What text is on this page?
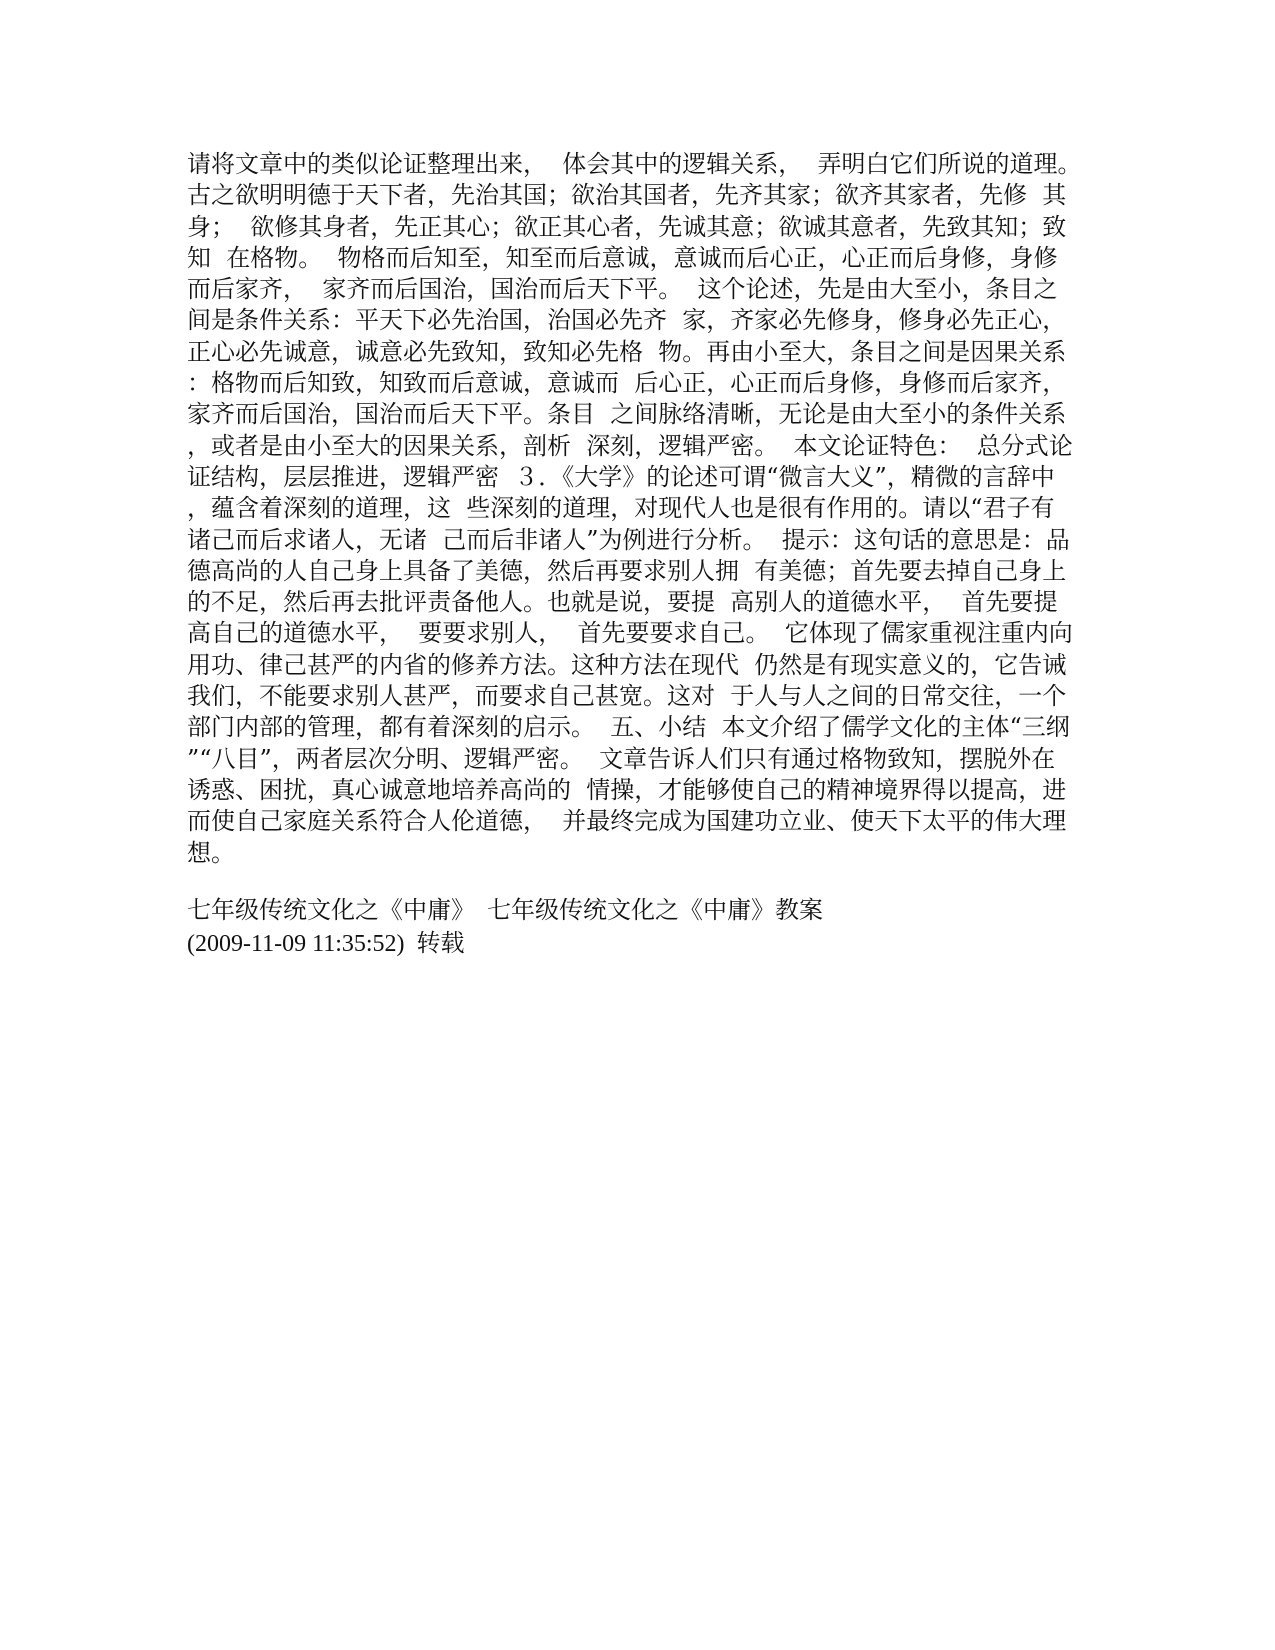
请将文章中的类似论证整理出来，  体会其中的逻辑关系，  弄明白它们所说的道理。
古之欲明明德于天下者，先治其国；欲治其国者，先齐其家；欲齐其家者，先修  其
身；  欲修其身者，先正其心；欲正其心者，先诚其意；欲诚其意者，先致其知；致
知  在格物。  物格而后知至，知至而后意诚，意诚而后心正，心正而后身修，身修
而后家齐，  家齐而后国治，国治而后天下平。  这个论述，先是由大至小，条目之
间是条件关系：平天下必先治国，治国必先齐  家，齐家必先修身，修身必先正心，
正心必先诚意，诚意必先致知，致知必先格  物。再由小至大，条目之间是因果关系
：格物而后知致，知致而后意诚，意诚而  后心正，心正而后身修，身修而后家齐，
家齐而后国治，国治而后天下平。条目  之间脉络清晰，无论是由大至小的条件关系
，或者是由小至大的因果关系，剖析  深刻，逻辑严密。  本文论证特色：  总分式论
证结构，层层推进，逻辑严密  ３．《大学》的论述可谓“微言大义”，精微的言辞中
，蕴含着深刻的道理，这  些深刻的道理，对现代人也是很有作用的。请以“君子有
诸己而后求诸人，无诸  己而后非诸人”为例进行分析。  提示：这句话的意思是：品
德高尚的人自己身上具备了美德，然后再要求别人拥  有美德；首先要去掉自己身上
的不足，然后再去批评责备他人。也就是说，要提  高别人的道德水平，  首先要提
高自己的道德水平，  要要求别人，  首先要要求自己。  它体现了儒家重视注重内向
用功、律己甚严的内省的修养方法。这种方法在现代  仍然是有现实意义的，它告诫
我们，不能要求别人甚严，而要求自己甚宽。这对  于人与人之间的日常交往，一个
部门内部的管理，都有着深刻的启示。  五、小结  本文介绍了儒学文化的主体“三纲
”“八目”，两者层次分明、逻辑严密。  文章告诉人们只有通过格物致知，摆脱外在
诱惑、困扰，真心诚意地培养高尚的  情操，才能够使自己的精神境界得以提高，进
而使自己家庭关系符合人伦道德，  并最终完成为国建功立业、使天下太平的伟大理
想。
七年级传统文化之《中庸》  七年级传统文化之《中庸》教案
(2009-11-09 11:35:52)  转载
